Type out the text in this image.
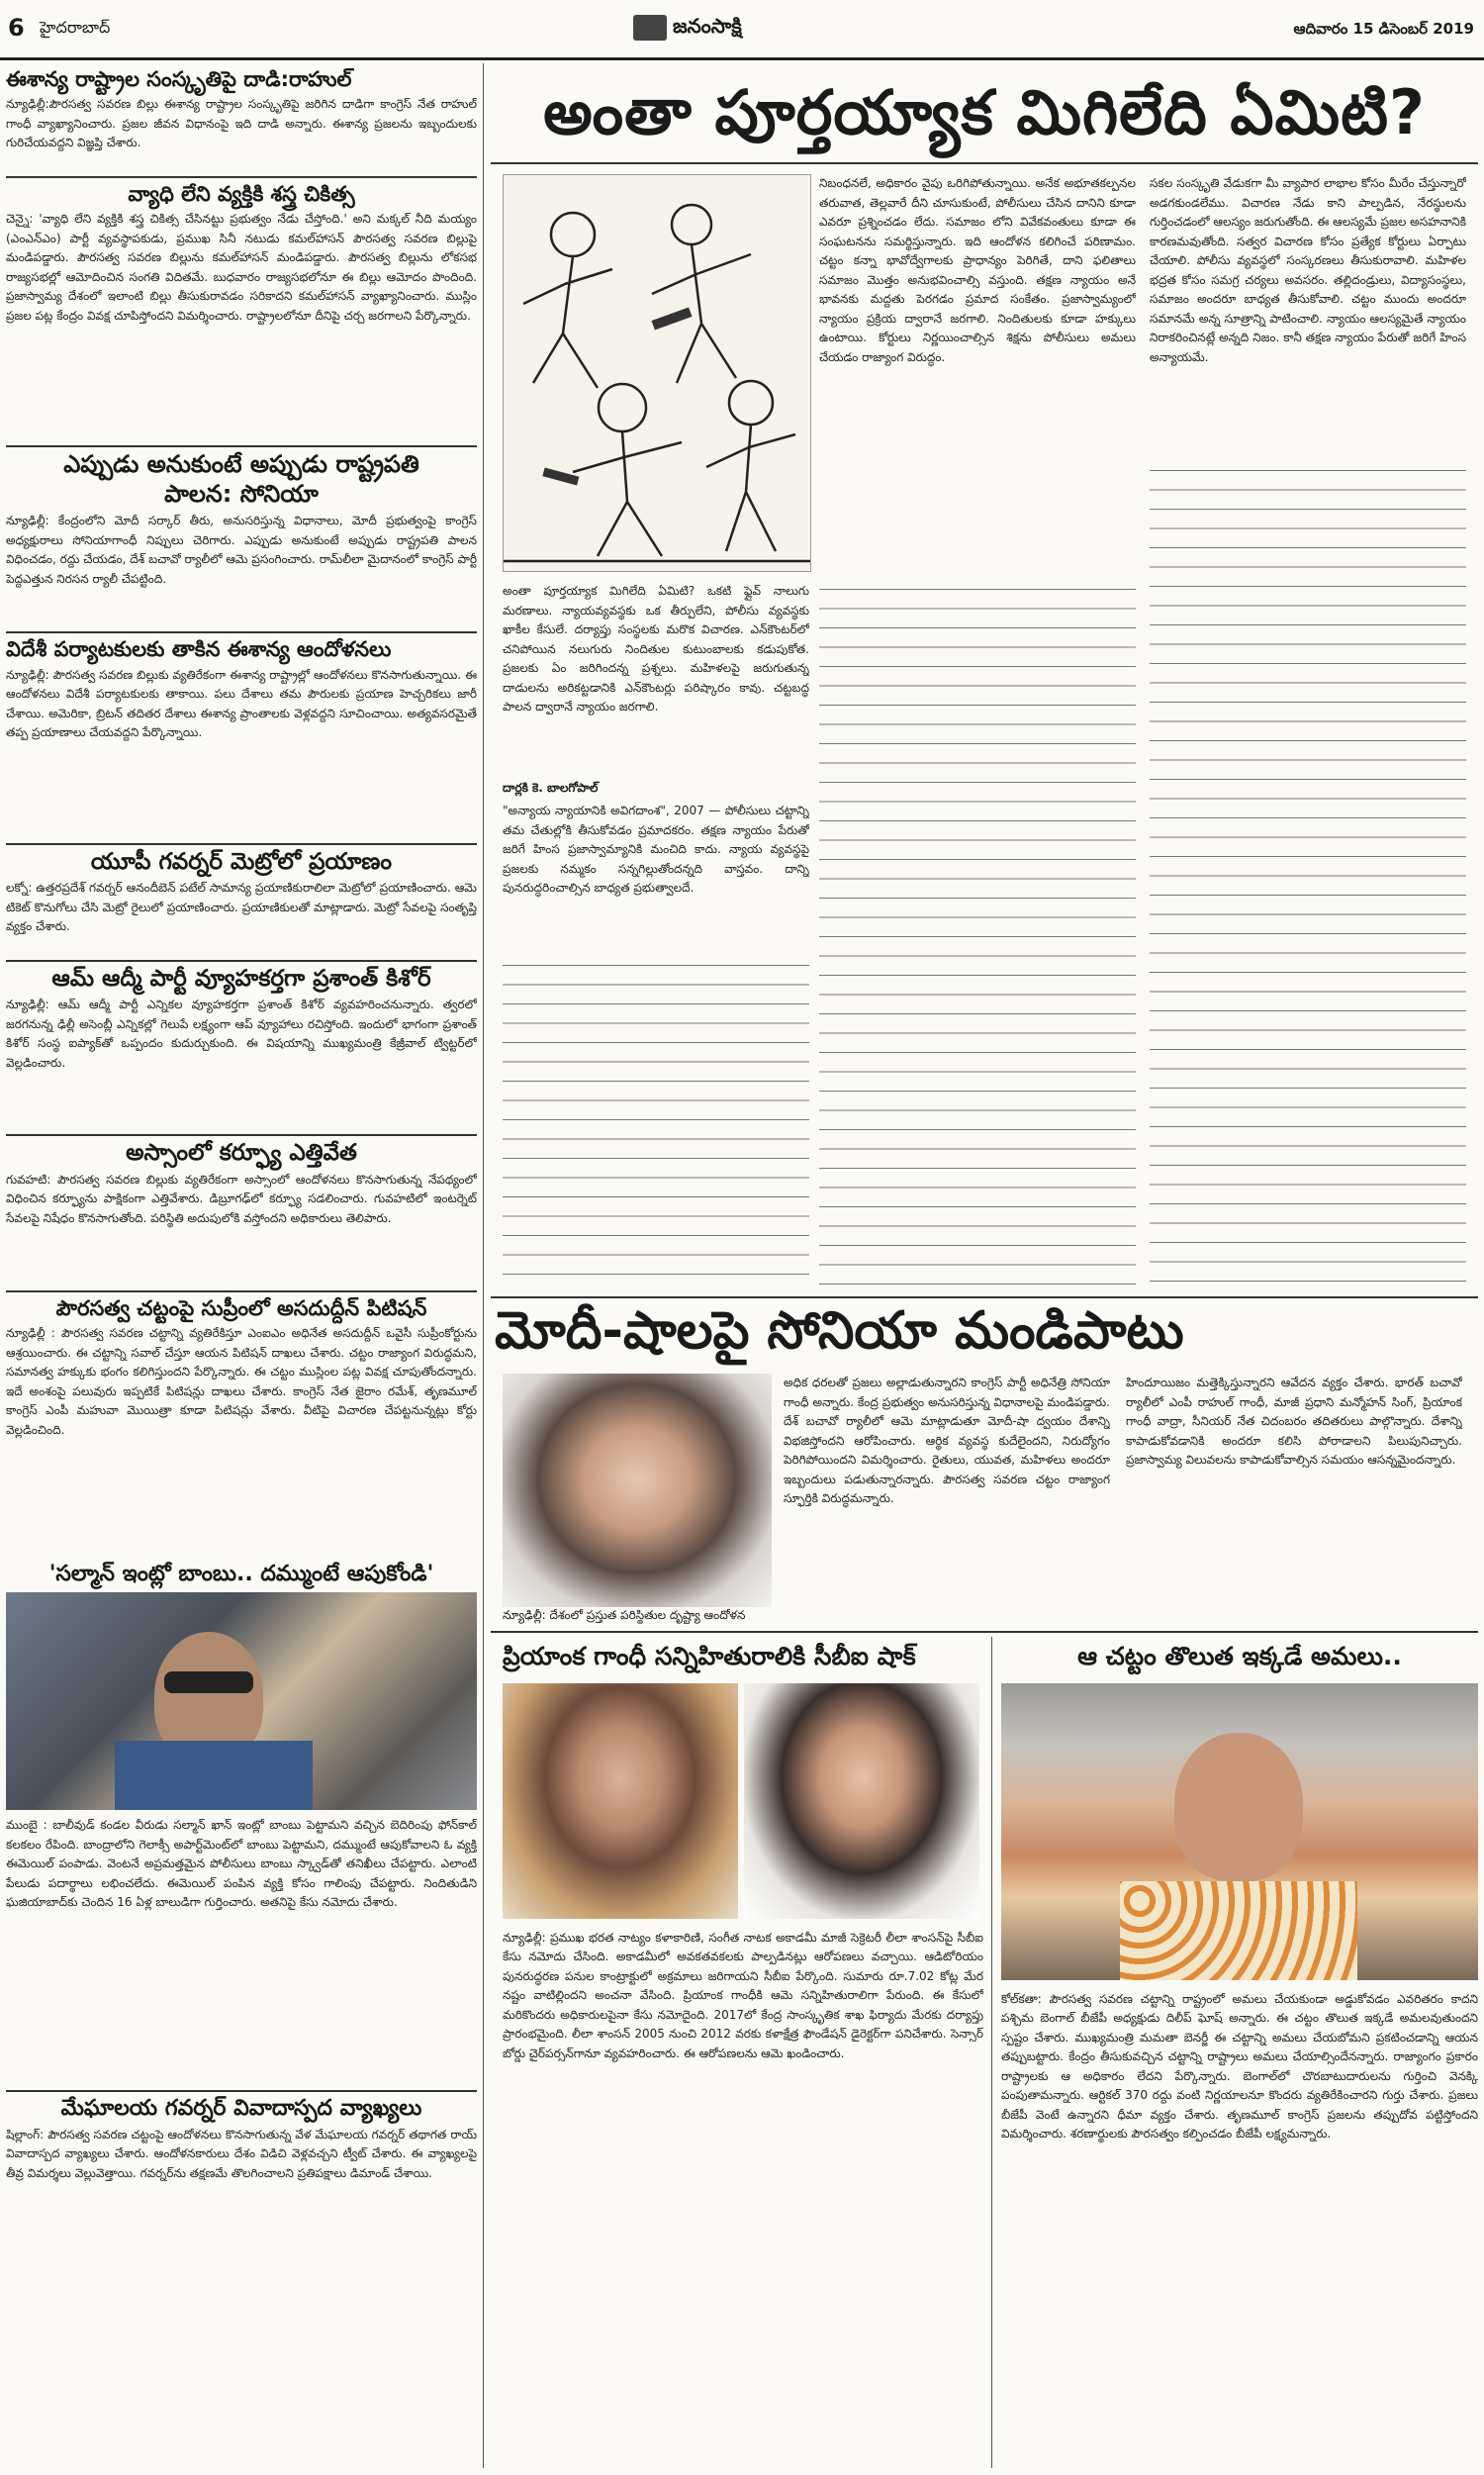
6 హైదరాబాద్	జనంసాక్షి	ఆదివారం 15 డిసెంబర్ 2019
ఈశాన్య రాష్ట్రాల సంస్కృతిపై దాడి:రాహుల్

న్యూఢిల్లీ:పౌరసత్వ సవరణ బిల్లు ఈశాన్య రాష్ట్రాల సంస్కృతిపై జరిగిన దాడిగా కాంగ్రెస్ నేత రాహుల్ గాంధీ వ్యాఖ్యానించారు. ప్రజల జీవన విధానంపై ఇది దాడి అన్నారు. ఈశాన్య ప్రజలను ఇబ్బందులకు గురిచేయవద్దని విజ్ఞప్తి చేశారు.

వ్యాధి లేని వ్యక్తికి శస్త్ర చికిత్స

చెన్నై: 'వ్యాధి లేని వ్యక్తికి శస్త్ర చికిత్స చేసినట్టు ప్రభుత్వం నేడు చేస్తోంది.' అని మక్కల్ నీది మయ్యం (ఎంఎన్ఎం) పార్టీ వ్యవస్థాపకుడు, ప్రముఖ సినీ నటుడు కమల్‌హాసన్ పౌరసత్వ సవరణ బిల్లుపై మండిపడ్డారు. పౌరసత్వ సవరణ బిల్లును కమల్‌హాసన్ మండిపడ్డారు. పౌరసత్వ బిల్లును లోకసభ రాజ్యసభల్లో ఆమోదించిన సంగతి విదితమే. బుధవారం రాజ్యసభలోనూ ఈ బిల్లు ఆమోదం పొందింది. ప్రజాస్వామ్య దేశంలో ఇలాంటి బిల్లు తీసుకురావడం సరికాదని కమల్‌హాసన్ వ్యాఖ్యానించారు. ముస్లిం ప్రజల పట్ల కేంద్రం వివక్ష చూపిస్తోందని విమర్శించారు. రాష్ట్రాలలోనూ దీనిపై చర్చ జరగాలని పేర్కొన్నారు.

ఎప్పుడు అనుకుంటే అప్పుడు రాష్ట్రపతి
పాలన: సోనియా

న్యూఢిల్లీ: కేంద్రంలోని మోదీ సర్కార్ తీరు, అనుసరిస్తున్న విధానాలు, మోదీ ప్రభుత్వంపై కాంగ్రెస్ అధ్యక్షురాలు సోనియాగాంధీ నిప్పులు చెరిగారు. ఎప్పుడు అనుకుంటే అప్పుడు రాష్ట్రపతి పాలన విధించడం, రద్దు చేయడం, దేశ్ బచావో ర్యాలీలో ఆమె ప్రసంగించారు. రామ్‌లీలా మైదానంలో కాంగ్రెస్ పార్టీ పెద్దఎత్తున నిరసన ర్యాలీ చేపట్టింది.

విదేశీ పర్యాటకులకు తాకిన ఈశాన్య ఆందోళనలు

న్యూఢిల్లీ: పౌరసత్వ సవరణ బిల్లుకు వ్యతిరేకంగా ఈశాన్య రాష్ట్రాల్లో ఆందోళనలు కొనసాగుతున్నాయి. ఈ ఆందోళనలు విదేశీ పర్యాటకులకు తాకాయి. పలు దేశాలు తమ పౌరులకు ప్రయాణ హెచ్చరికలు జారీ చేశాయి. అమెరికా, బ్రిటన్ తదితర దేశాలు ఈశాన్య ప్రాంతాలకు వెళ్లవద్దని సూచించాయి. అత్యవసరమైతే తప్ప ప్రయాణాలు చేయవద్దని పేర్కొన్నాయి.

యూపీ గవర్నర్ మెట్రోలో ప్రయాణం

లక్నో: ఉత్తరప్రదేశ్ గవర్నర్ ఆనందీబెన్ పటేల్ సామాన్య ప్రయాణికురాలిలా మెట్రోలో ప్రయాణించారు. ఆమె టికెట్ కొనుగోలు చేసి మెట్రో రైలులో ప్రయాణించారు. ప్రయాణికులతో మాట్లాడారు. మెట్రో సేవలపై సంతృప్తి వ్యక్తం చేశారు.

ఆమ్ ఆద్మీ పార్టీ వ్యూహకర్తగా ప్రశాంత్ కిశోర్

న్యూఢిల్లీ: ఆమ్ ఆద్మీ పార్టీ ఎన్నికల వ్యూహకర్తగా ప్రశాంత్ కిశోర్ వ్యవహరించనున్నారు. త్వరలో జరగనున్న ఢిల్లీ అసెంబ్లీ ఎన్నికల్లో గెలుపే లక్ష్యంగా ఆప్ వ్యూహాలు రచిస్తోంది. ఇందులో భాగంగా ప్రశాంత్ కిశోర్ సంస్థ ఐప్యాక్‌తో ఒప్పందం కుదుర్చుకుంది. ఈ విషయాన్ని ముఖ్యమంత్రి కేజ్రీవాల్ ట్విట్టర్‌లో వెల్లడించారు.

అస్సాంలో కర్ఫ్యూ ఎత్తివేత

గువహటి: పౌరసత్వ సవరణ బిల్లుకు వ్యతిరేకంగా అస్సాంలో ఆందోళనలు కొనసాగుతున్న నేపథ్యంలో విధించిన కర్ఫ్యూను పాక్షికంగా ఎత్తివేశారు. డిబ్రూగఢ్‌లో కర్ఫ్యూ సడలించారు. గువహటిలో ఇంటర్నెట్ సేవలపై నిషేధం కొనసాగుతోంది. పరిస్థితి అదుపులోకి వస్తోందని అధికారులు తెలిపారు.

పౌరసత్వ చట్టంపై సుప్రీంలో అసదుద్దీన్ పిటిషన్

న్యూఢిల్లీ : పౌరసత్వ సవరణ చట్టాన్ని వ్యతిరేకిస్తూ ఎంఐఎం అధినేత అసదుద్దీన్ ఒవైసీ సుప్రీంకోర్టును ఆశ్రయించారు. ఈ చట్టాన్ని సవాల్ చేస్తూ ఆయన పిటిషన్ దాఖలు చేశారు. చట్టం రాజ్యాంగ విరుద్ధమని, సమానత్వ హక్కుకు భంగం కలిగిస్తుందని పేర్కొన్నారు. ఈ చట్టం ముస్లింల పట్ల వివక్ష చూపుతోందన్నారు. ఇదే అంశంపై పలువురు ఇప్పటికే పిటిషన్లు దాఖలు చేశారు. కాంగ్రెస్ నేత జైరాం రమేశ్, తృణమూల్ కాంగ్రెస్ ఎంపీ మహువా మొయిత్రా కూడా పిటిషన్లు వేశారు. వీటిపై విచారణ చేపట్టనున్నట్లు కోర్టు వెల్లడించింది.

'సల్మాన్ ఇంట్లో బాంబు.. దమ్ముంటే ఆపుకోండి'

ముంబై : బాలీవుడ్ కండల వీరుడు సల్మాన్ ఖాన్ ఇంట్లో బాంబు పెట్టామని వచ్చిన బెదిరింపు ఫోన్‌కాల్ కలకలం రేపింది. బాంద్రాలోని గెలాక్సీ అపార్ట్‌మెంట్‌లో బాంబు పెట్టామని, దమ్ముంటే ఆపుకోవాలని ఓ వ్యక్తి ఈమెయిల్ పంపాడు. వెంటనే అప్రమత్తమైన పోలీసులు బాంబు స్క్వాడ్‌తో తనిఖీలు చేపట్టారు. ఎలాంటి పేలుడు పదార్థాలు లభించలేదు. ఈమెయిల్ పంపిన వ్యక్తి కోసం గాలింపు చేపట్టారు. నిందితుడిని ఘజియాబాద్‌కు చెందిన 16 ఏళ్ల బాలుడిగా గుర్తించారు. అతనిపై కేసు నమోదు చేశారు.

మేఘాలయ గవర్నర్ వివాదాస్పద వ్యాఖ్యలు

షిల్లాంగ్: పౌరసత్వ సవరణ చట్టంపై ఆందోళనలు కొనసాగుతున్న వేళ మేఘాలయ గవర్నర్ తథాగత రాయ్ వివాదాస్పద వ్యాఖ్యలు చేశారు. ఆందోళనకారులు దేశం విడిచి వెళ్లవచ్చని ట్వీట్ చేశారు. ఈ వ్యాఖ్యలపై తీవ్ర విమర్శలు వెల్లువెత్తాయి. గవర్నర్‌ను తక్షణమే తొలగించాలని ప్రతిపక్షాలు డిమాండ్ చేశాయి.

అంతా పూర్తయ్యాక మిగిలేది ఏమిటి?

నిబంధనలే, అధికారం వైపు ఒరిగిపోతున్నాయి. అనేక అభూతకల్పనల తరువాత, తెల్లవారే దీని చూసుకుంటే, పోలీసులు చేసిన దానిని కూడా ఎవరూ ప్రశ్నించడం లేదు. సమాజం లోని వివేకవంతులు కూడా ఈ సంఘటనను సమర్థిస్తున్నారు. ఇది ఆందోళన కలిగించే పరిణామం. చట్టం కన్నా భావోద్వేగాలకు ప్రాధాన్యం పెరిగితే, దాని ఫలితాలు సమాజం మొత్తం అనుభవించాల్సి వస్తుంది. తక్షణ న్యాయం అనే భావనకు మద్దతు పెరగడం ప్రమాద సంకేతం. ప్రజాస్వామ్యంలో న్యాయం ప్రక్రియ ద్వారానే జరగాలి. నిందితులకు కూడా హక్కులు ఉంటాయి. కోర్టులు నిర్ణయించాల్సిన శిక్షను పోలీసులు అమలు చేయడం రాజ్యాంగ విరుద్ధం.

సకల సంస్కృతి వేడుకగా మీ వ్యాపార లాభాల కోసం మీరేం చేస్తున్నారో అడగకుండలేము. విచారణ నేడు కాని పాల్పడిన, నేరస్థులను గుర్తించడంలో ఆలస్యం జరుగుతోంది. ఈ ఆలస్యమే ప్రజల అసహనానికి కారణమవుతోంది. సత్వర విచారణ కోసం ప్రత్యేక కోర్టులు ఏర్పాటు చేయాలి. పోలీసు వ్యవస్థలో సంస్కరణలు తీసుకురావాలి. మహిళల భద్రత కోసం సమగ్ర చర్యలు అవసరం. తల్లిదండ్రులు, విద్యాసంస్థలు, సమాజం అందరూ బాధ్యత తీసుకోవాలి. చట్టం ముందు అందరూ సమానమే అన్న సూత్రాన్ని పాటించాలి. న్యాయం ఆలస్యమైతే న్యాయం నిరాకరించినట్లే అన్నది నిజం. కానీ తక్షణ న్యాయం పేరుతో జరిగే హింస అన్యాయమే.

అంతా పూర్తయ్యాక మిగిలేది ఏమిటి? ఒకటి ఫ్లైవ్ నాలుగు మరణాలు. న్యాయవ్యవస్థకు ఒక తీర్పులేని, పోలీసు వ్యవస్థకు ఖాకీల కేసులే. దర్యాప్తు సంస్థలకు మరొక విచారణ. ఎన్‌కౌంటర్‌లో చనిపోయిన నలుగురు నిందితుల కుటుంబాలకు కడుపుకోత. ప్రజలకు ఏం జరిగిందన్న ప్రశ్నలు. మహిళలపై జరుగుతున్న దాడులను అరికట్టడానికి ఎన్‌కౌంటర్లు పరిష్కారం కావు. చట్టబద్ధ పాలన ద్వారానే న్యాయం జరగాలి.

దార్లకి కె. బాలగోపాల్

"అన్యాయ న్యాయానికి అవిగదాంశ", 2007 — పోలీసులు చట్టాన్ని తమ చేతుల్లోకి తీసుకోవడం ప్రమాదకరం. తక్షణ న్యాయం పేరుతో జరిగే హింస ప్రజాస్వామ్యానికి మంచిది కాదు. న్యాయ వ్యవస్థపై ప్రజలకు నమ్మకం సన్నగిల్లుతోందన్నది వాస్తవం. దాన్ని పునరుద్ధరించాల్సిన బాధ్యత ప్రభుత్వాలదే.

మోదీ-షాలపై సోనియా మండిపాటు
న్యూఢిల్లీ: దేశంలో ప్రస్తుత పరిస్థితుల దృష్ట్యా ఆందోళన

అధిక ధరలతో ప్రజలు అల్లాడుతున్నారని కాంగ్రెస్ పార్టీ అధినేత్రి సోనియా గాంధీ అన్నారు. కేంద్ర ప్రభుత్వం అనుసరిస్తున్న విధానాలపై మండిపడ్డారు. దేశ్ బచావో ర్యాలీలో ఆమె మాట్లాడుతూ మోదీ-షా ద్వయం దేశాన్ని విభజిస్తోందని ఆరోపించారు. ఆర్థిక వ్యవస్థ కుదేలైందని, నిరుద్యోగం పెరిగిపోయిందని విమర్శించారు. రైతులు, యువత, మహిళలు అందరూ ఇబ్బందులు పడుతున్నారన్నారు. పౌరసత్వ సవరణ చట్టం రాజ్యాంగ స్ఫూర్తికి విరుద్ధమన్నారు.

హిందూయిజం మత్తెక్కిస్తున్నారని ఆవేదన వ్యక్తం చేశారు. భారత్ బచావో ర్యాలీలో ఎంపీ రాహుల్ గాంధీ, మాజీ ప్రధాని మన్మోహన్ సింగ్, ప్రియాంక గాంధీ వాద్రా, సీనియర్ నేత చిదంబరం తదితరులు పాల్గొన్నారు. దేశాన్ని కాపాడుకోవడానికి అందరూ కలిసి పోరాడాలని పిలుపునిచ్చారు. ప్రజాస్వామ్య విలువలను కాపాడుకోవాల్సిన సమయం ఆసన్నమైందన్నారు.

ప్రియాంక గాంధీ సన్నిహితురాలికి సీబీఐ షాక్

న్యూఢిల్లీ: ప్రముఖ భరత నాట్యం కళాకారిణి, సంగీత నాటక అకాడమీ మాజీ సెక్రెటరీ లీలా శాంసన్‌పై సీబీఐ కేసు నమోదు చేసింది. అకాడమీలో అవకతవకలకు పాల్పడినట్లు ఆరోపణలు వచ్చాయి. ఆడిటోరియం పునరుద్ధరణ పనుల కాంట్రాక్టులో అక్రమాలు జరిగాయని సీబీఐ పేర్కొంది. సుమారు రూ.7.02 కోట్ల మేర నష్టం వాటిల్లిందని అంచనా వేసింది. ప్రియాంక గాంధీకి ఆమె సన్నిహితురాలిగా పేరుంది. ఈ కేసులో మరికొందరు అధికారులపైనా కేసు నమోదైంది. 2017లో కేంద్ర సాంస్కృతిక శాఖ ఫిర్యాదు మేరకు దర్యాప్తు ప్రారంభమైంది. లీలా శాంసన్ 2005 నుంచి 2012 వరకు కళాక్షేత్ర ఫౌండేషన్ డైరెక్టర్‌గా పనిచేశారు. సెన్సార్ బోర్డు చైర్‌పర్సన్‌గానూ వ్యవహరించారు. ఈ ఆరోపణలను ఆమె ఖండించారు.

ఆ చట్టం తొలుత ఇక్కడే అమలు..

కోల్‌కతా: పౌరసత్వ సవరణ చట్టాన్ని రాష్ట్రంలో అమలు చేయకుండా అడ్డుకోవడం ఎవరితరం కాదని పశ్చిమ బెంగాల్ బీజేపీ అధ్యక్షుడు దిలీప్ ఘోష్ అన్నారు. ఈ చట్టం తొలుత ఇక్కడే అమలవుతుందని స్పష్టం చేశారు. ముఖ్యమంత్రి మమతా బెనర్జీ ఈ చట్టాన్ని అమలు చేయబోమని ప్రకటించడాన్ని ఆయన తప్పుబట్టారు. కేంద్రం తీసుకువచ్చిన చట్టాన్ని రాష్ట్రాలు అమలు చేయాల్సిందేనన్నారు. రాజ్యాంగం ప్రకారం రాష్ట్రాలకు ఆ అధికారం లేదని పేర్కొన్నారు. బెంగాల్‌లో చొరబాటుదారులను గుర్తించి వెనక్కి పంపుతామన్నారు. ఆర్టికల్ 370 రద్దు వంటి నిర్ణయాలనూ కొందరు వ్యతిరేకించారని గుర్తు చేశారు. ప్రజలు బీజేపీ వెంటే ఉన్నారని ధీమా వ్యక్తం చేశారు. తృణమూల్ కాంగ్రెస్ ప్రజలను తప్పుదోవ పట్టిస్తోందని విమర్శించారు. శరణార్థులకు పౌరసత్వం కల్పించడం బీజేపీ లక్ష్యమన్నారు.
